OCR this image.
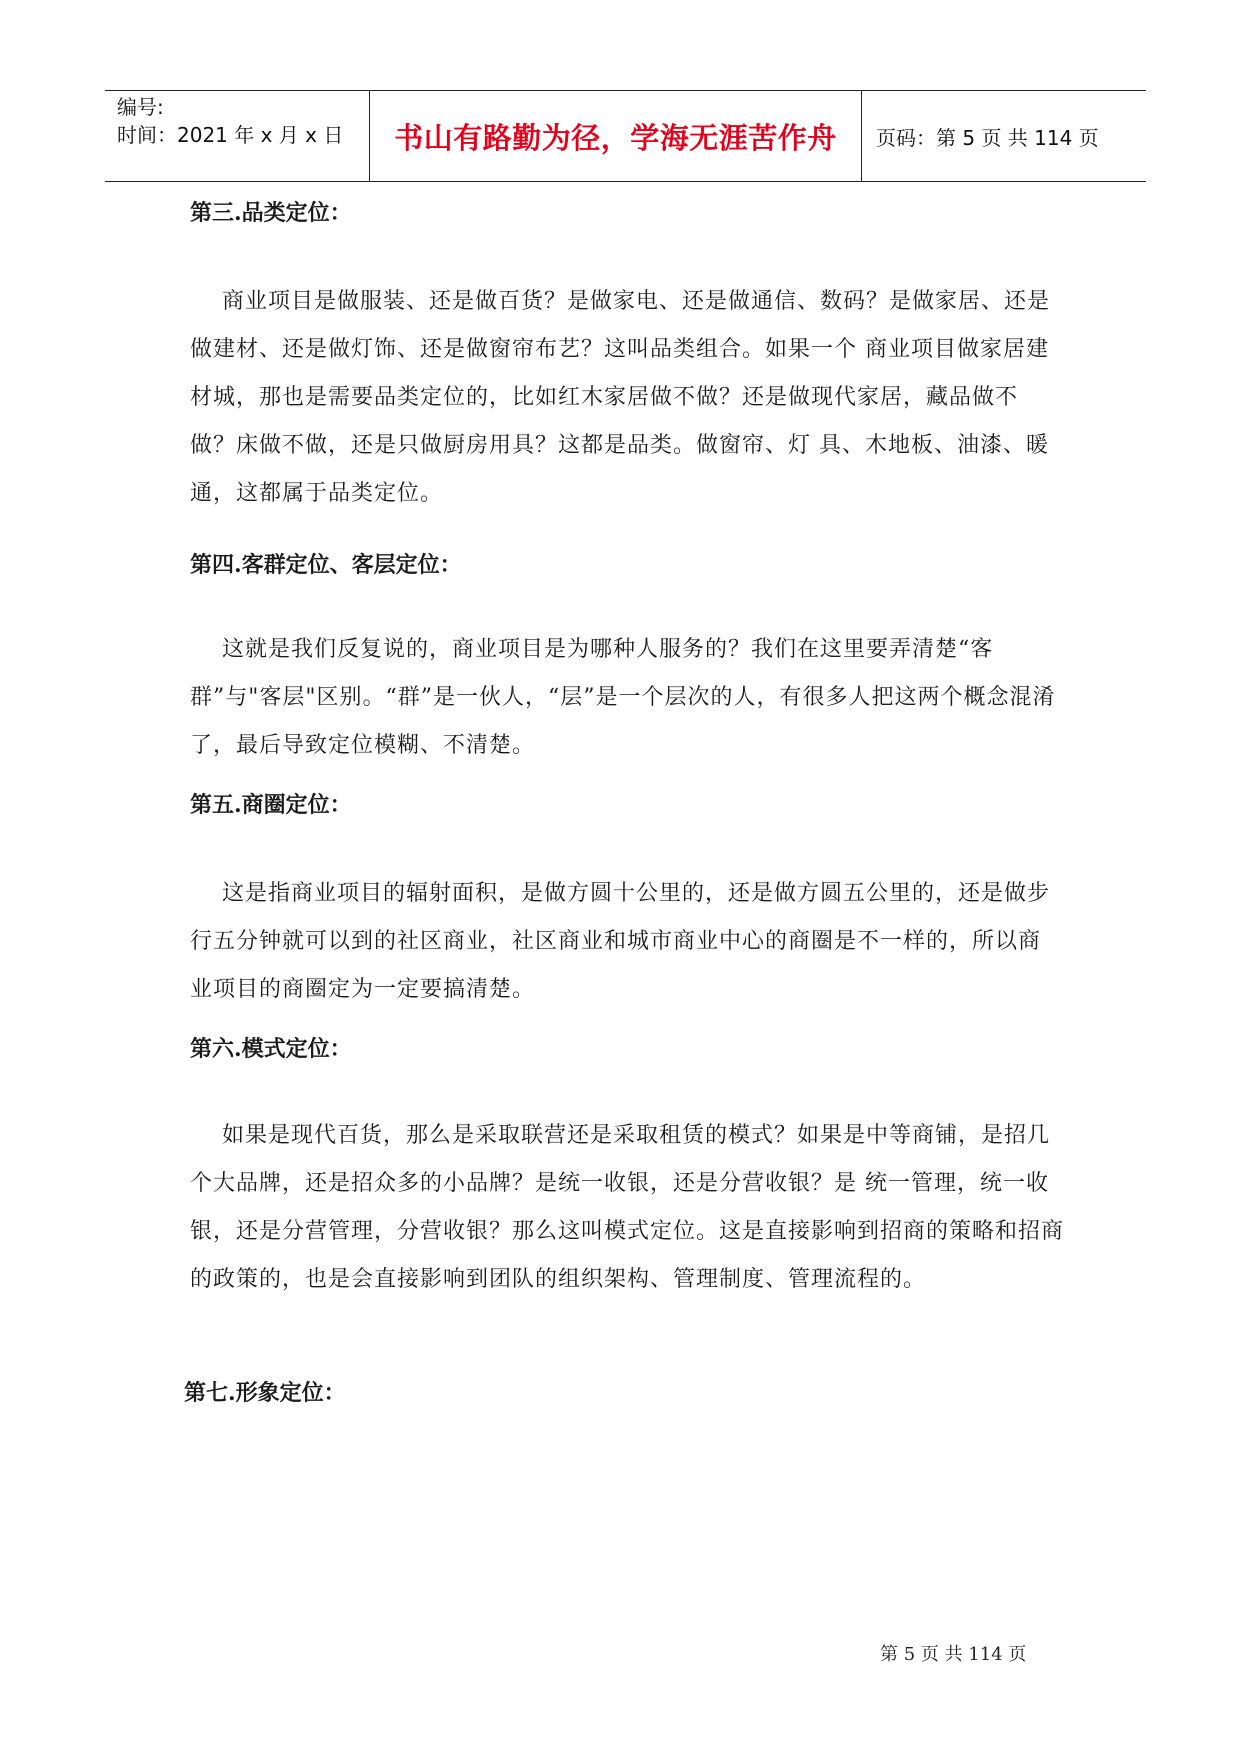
编号:
时间：2021 年 x 月 x 日	书山有路勤为径，学海无涯苦作舟	页码：第 5 页 共 114 页
第三.品类定位：

商业项目是做服装、还是做百货？是做家电、还是做通信、数码？是做家居、还是做建材、还是做灯饰、还是做窗帘布艺？这叫品类组合。如果一个 商业项目做家居建材城，那也是需要品类定位的，比如红木家居做不做？还是做现代家居，藏品做不做？床做不做，还是只做厨房用具？这都是品类。做窗帘、灯 具、木地板、油漆、暖通，这都属于品类定位。

第四.客群定位、客层定位：

这就是我们反复说的，商业项目是为哪种人服务的？我们在这里要弄清楚“客群”与"客层"区别。“群”是一伙人，“层”是一个层次的人，有很多人把这两个概念混淆了，最后导致定位模糊、不清楚。

第五.商圈定位：

这是指商业项目的辐射面积，是做方圆十公里的，还是做方圆五公里的，还是做步行五分钟就可以到的社区商业，社区商业和城市商业中心的商圈是不一样的，所以商业项目的商圈定为一定要搞清楚。

第六.模式定位：

如果是现代百货，那么是采取联营还是采取租赁的模式？如果是中等商铺，是招几个大品牌，还是招众多的小品牌？是统一收银，还是分营收银？是 统一管理，统一收银，还是分营管理，分营收银？那么这叫模式定位。这是直接影响到招商的策略和招商的政策的，也是会直接影响到团队的组织架构、管理制度、管理流程的。

第七.形象定位：
第 5 页 共 114 页
